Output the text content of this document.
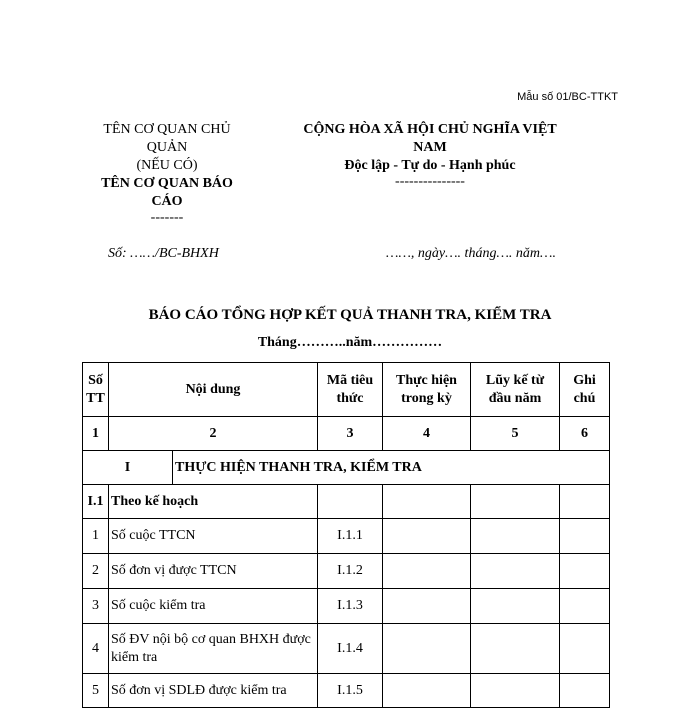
Mẫu số 01/BC-TTKT
TÊN CƠ QUAN CHỦ
QUẢN
(NẾU CÓ)
TÊN CƠ QUAN BÁO
CÁO
-------
CỘNG HÒA XÃ HỘI CHỦ NGHĨA VIỆT
NAM
Độc lập - Tự do - Hạnh phúc
---------------
Số: ……/BC-BHXH	……, ngày…. tháng…. năm….
BÁO CÁO TỔNG HỢP KẾT QUẢ THANH TRA, KIỂM TRA
Tháng………..năm……………
Số TT	Nội dung		Mã tiêu thức	Thực hiện trong kỳ	Lũy kế từ đầu năm	Ghi chú
1	2		3	4	5	6
I		THỰC HIỆN THANH TRA, KIỂM TRA				
I.1	Theo kế hoạch					
1	Số cuộc TTCN		I.1.1			
2	Số đơn vị được TTCN		I.1.2			
3	Số cuộc kiểm tra		I.1.3			
4	Số ĐV nội bộ cơ quan BHXH được kiểm tra		I.1.4			
5	Số đơn vị SDLĐ được kiểm tra		I.1.5			
